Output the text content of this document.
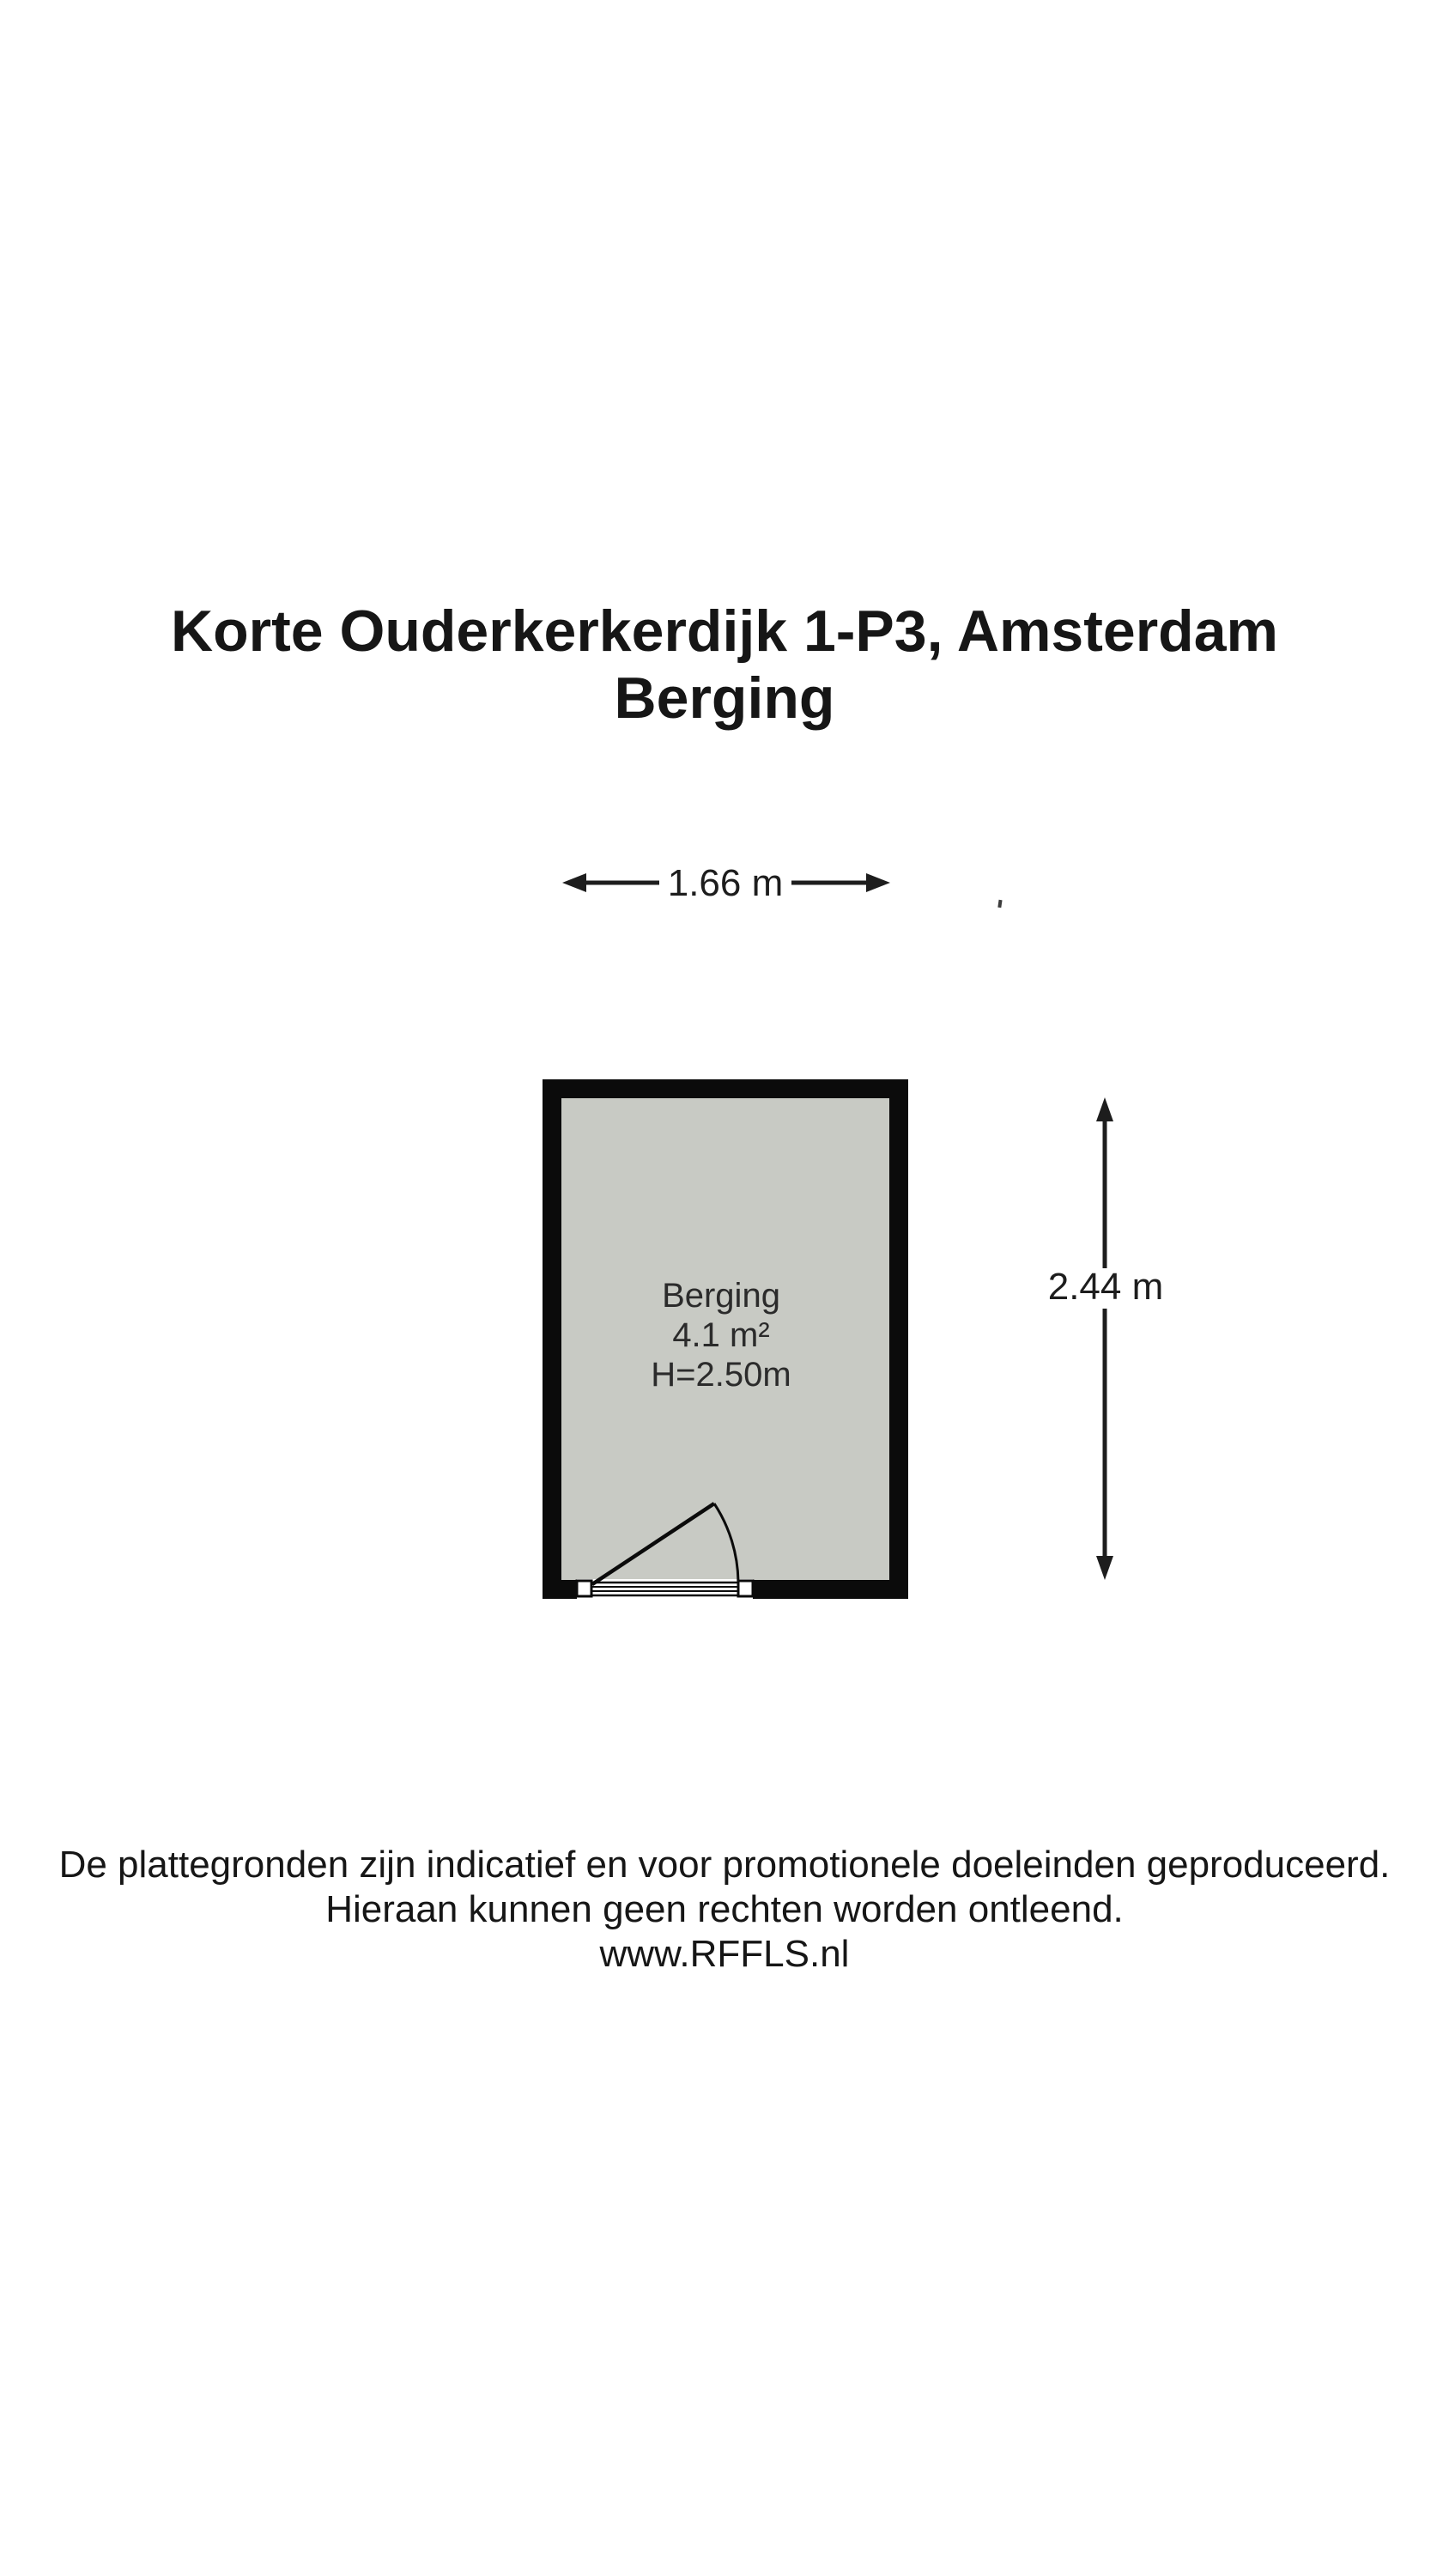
Korte Ouderkerkerdijk 1-P3, Amsterdam
Berging
1.66 m
Berging
4.1 m²
H=2.50m
2.44 m
De plattegronden zijn indicatief en voor promotionele doeleinden geproduceerd.
Hieraan kunnen geen rechten worden ontleend.
www.RFFLS.nl
